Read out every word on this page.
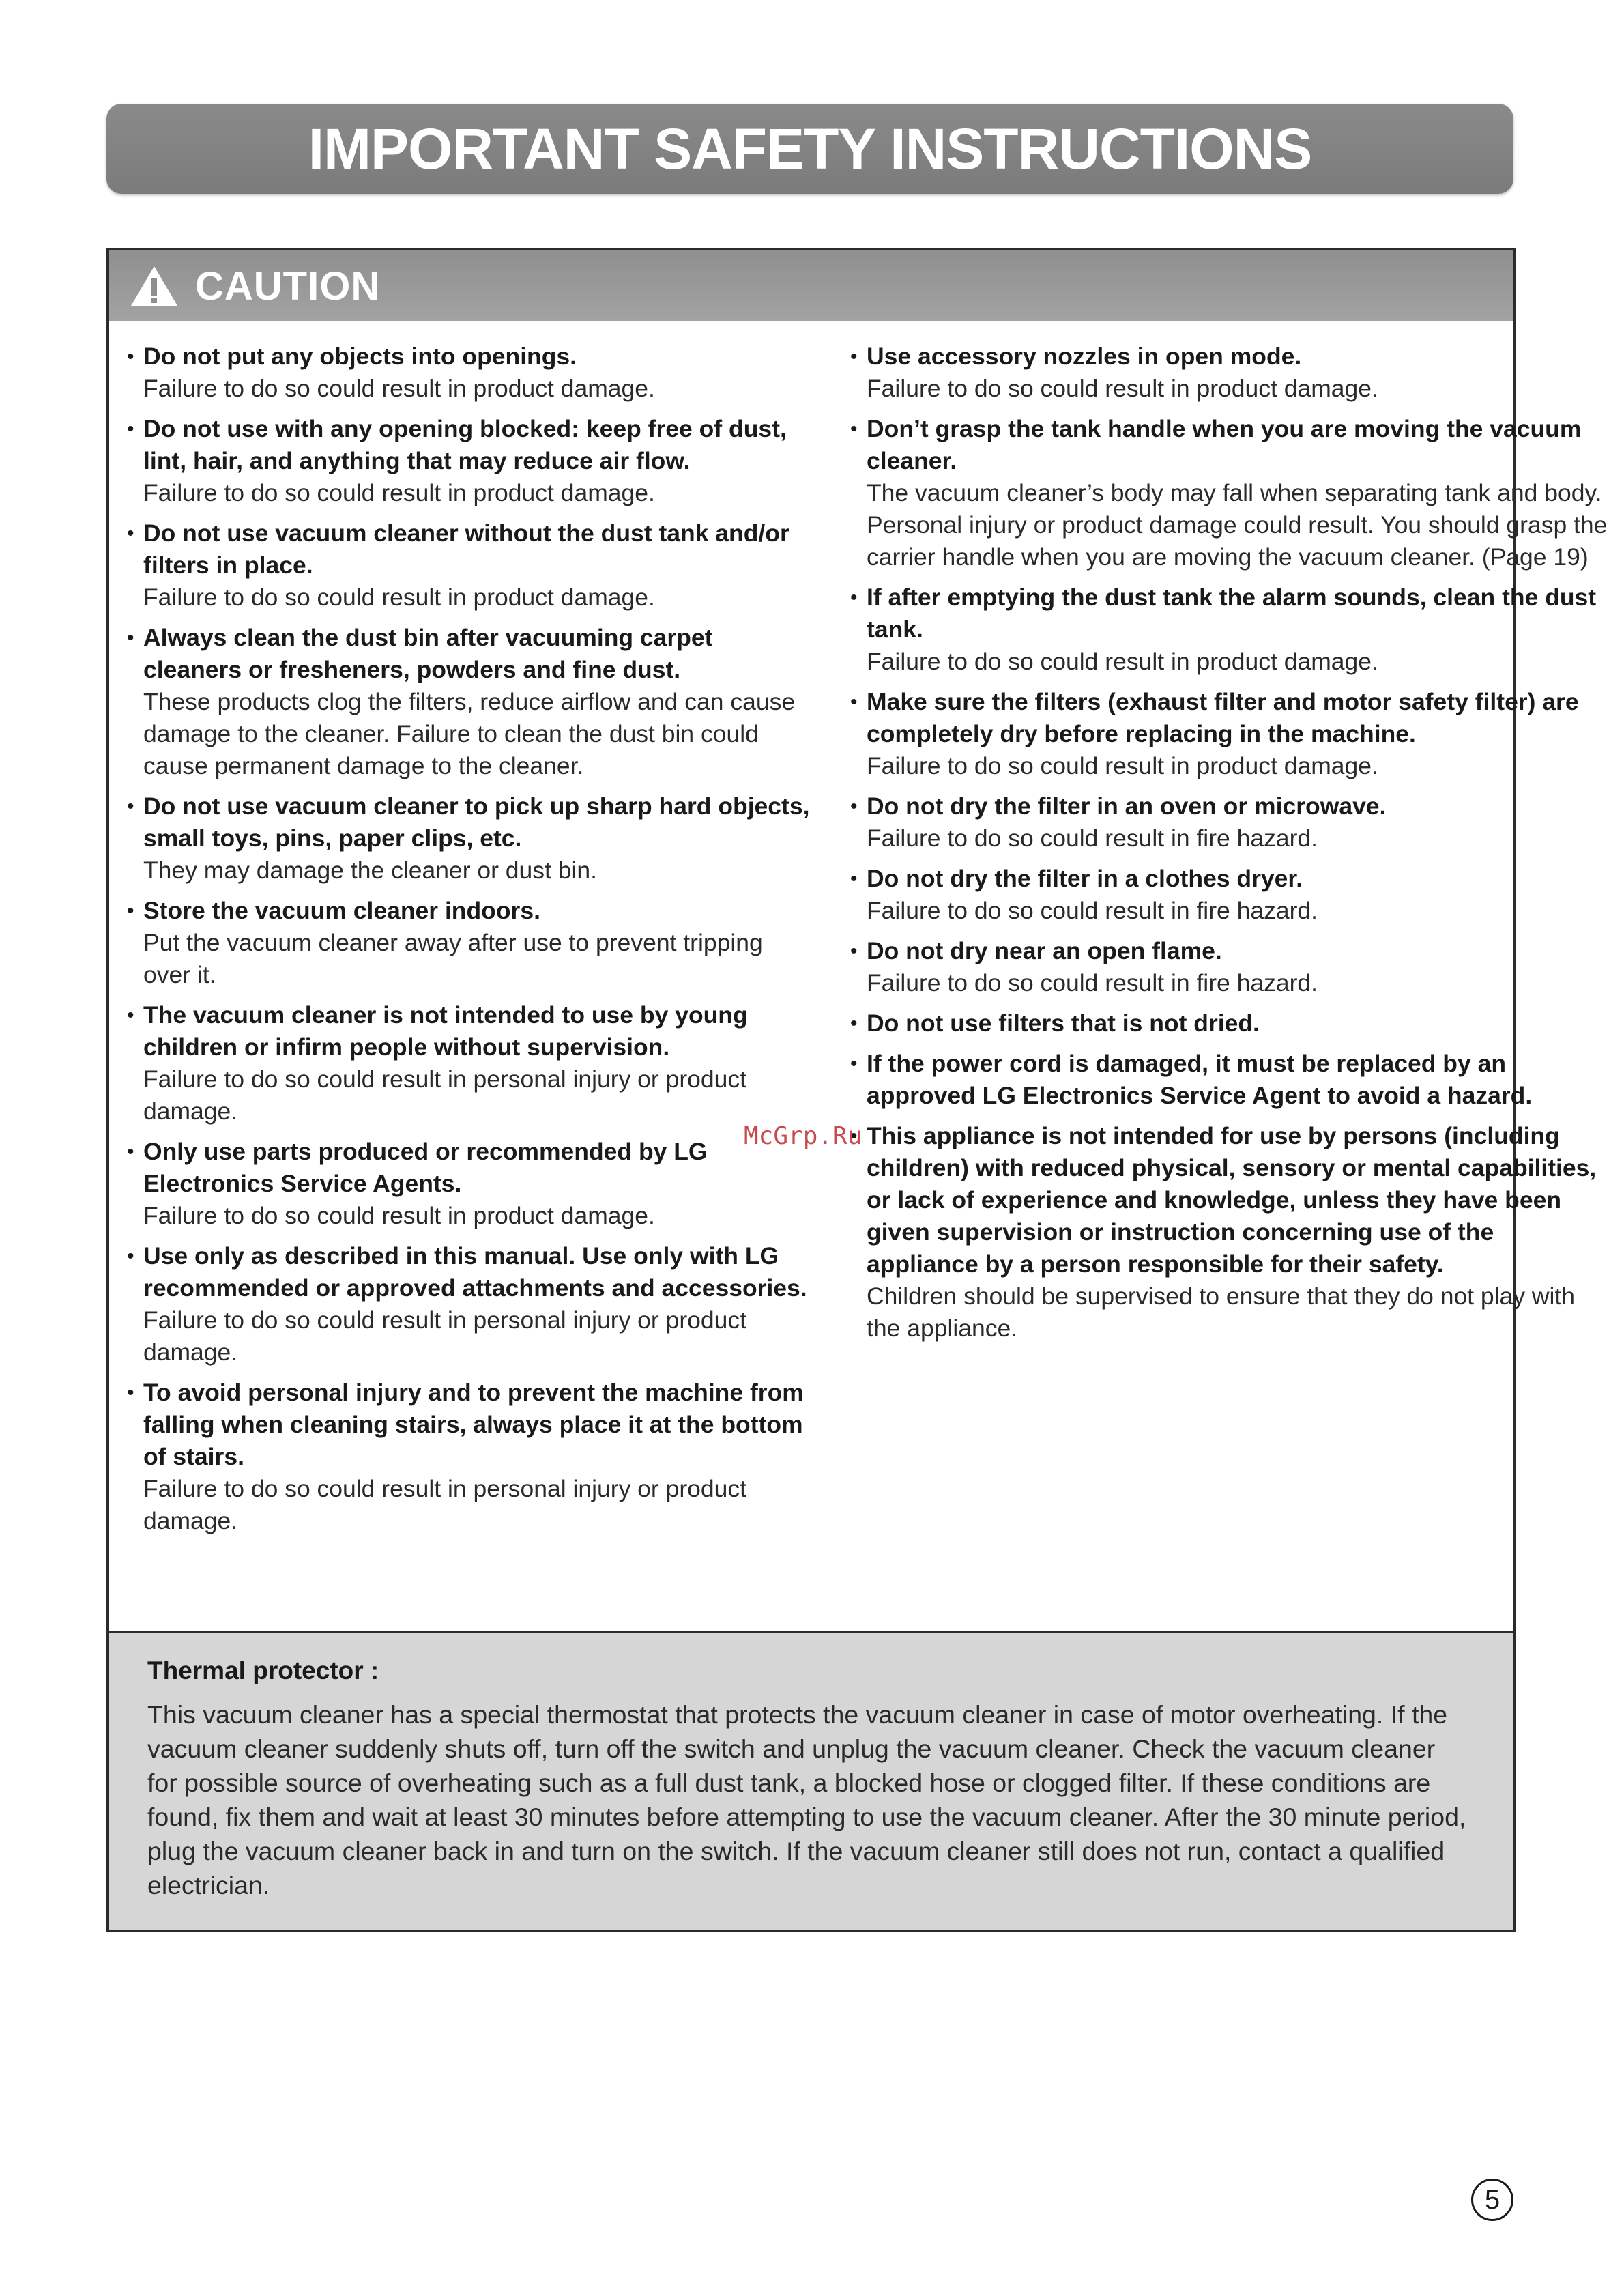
IMPORTANT SAFETY INSTRUCTIONS
CAUTION
• Do not put any objects into openings.
Failure to do so could result in product damage.
• Do not use with any opening blocked: keep free of dust, lint, hair, and anything that may reduce air flow.
Failure to do so could result in product damage.
• Do not use vacuum cleaner without the dust tank and/or filters in place.
Failure to do so could result in product damage.
• Always clean the dust bin after vacuuming carpet cleaners or fresheners, powders and fine dust.
These products clog the filters, reduce airflow and can cause damage to the cleaner. Failure to clean the dust bin could cause permanent damage to the cleaner.
• Do not use vacuum cleaner to pick up sharp hard objects, small toys, pins, paper clips, etc.
They may damage the cleaner or dust bin.
• Store the vacuum cleaner indoors.
Put the vacuum cleaner away after use to prevent tripping over it.
• The vacuum cleaner is not intended to use by young children or infirm people without supervision.
Failure to do so could result in personal injury or product damage.
• Only use parts produced or recommended by LG Electronics Service Agents.
Failure to do so could result in product damage.
• Use only as described in this manual. Use only with LG recommended or approved attachments and accessories.
Failure to do so could result in personal injury or product damage.
• To avoid personal injury and to prevent the machine from falling when cleaning stairs, always place it at the bottom of stairs.
Failure to do so could result in personal injury or product damage.
• Use accessory nozzles in open mode.
Failure to do so could result in product damage.
• Don’t grasp the tank handle when you are moving the vacuum cleaner.
The vacuum cleaner’s body may fall when separating tank and body. Personal injury or product damage could result. You should grasp the carrier handle when you are moving the vacuum cleaner. (Page 19)
• If after emptying the dust tank the alarm sounds, clean the dust tank.
Failure to do so could result in product damage.
• Make sure the filters (exhaust filter and motor safety filter) are completely dry before replacing in the machine.
Failure to do so could result in product damage.
• Do not dry the filter in an oven or microwave.
Failure to do so could result in fire hazard.
• Do not dry the filter in a clothes dryer.
Failure to do so could result in fire hazard.
• Do not dry near an open flame.
Failure to do so could result in fire hazard.
• Do not use filters that is not dried.
• If the power cord is damaged, it must be replaced by an approved LG Electronics Service Agent to avoid a hazard.
• This appliance is not intended for use by persons (including children) with reduced physical, sensory or mental capabilities, or lack of experience and knowledge, unless they have been given supervision or instruction concerning use of the appliance by a person responsible for their safety.
Children should be supervised to ensure that they do not play with the appliance.
Thermal protector :
This vacuum cleaner has a special thermostat that protects the vacuum cleaner in case of motor overheating. If the vacuum cleaner suddenly shuts off, turn off the switch and unplug the vacuum cleaner. Check the vacuum cleaner for possible source of overheating such as a full dust tank, a blocked hose or clogged filter. If these conditions are found, fix them and wait at least 30 minutes before attempting to use the vacuum cleaner. After the 30 minute period, plug the vacuum cleaner back in and turn on the switch. If the vacuum cleaner still does not run, contact a qualified electrician.
McGrp.Ru
5
